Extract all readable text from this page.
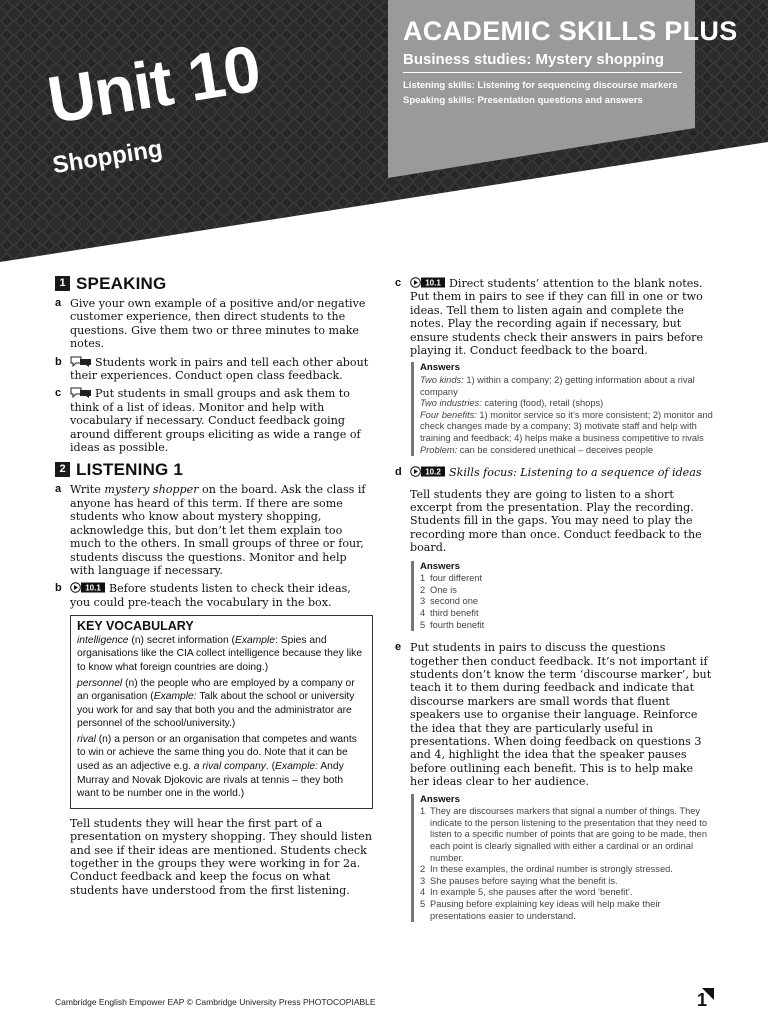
Unit 10
Shopping
ACADEMIC SKILLS PLUS
Business studies: Mystery shopping

Listening skills: Listening for sequencing discourse markers

Speaking skills: Presentation questions and answers

1 SPEAKING
a Give your own example of a positive and/or negative customer experience, then direct students to the questions. Give them two or three minutes to make notes.
b	Students work in pairs and tell each other about their experiences. Conduct open class feedback.
c	Put students in small groups and ask them to think of a list of ideas. Monitor and help with vocabulary if necessary. Conduct feedback going around different groups eliciting as wide a range of ideas as possible.
2 LISTENING 1
a Write mystery shopper on the board. Ask the class if anyone has heard of this term. If there are some students who know about mystery shopping, acknowledge this, but don’t let them explain too much to the others. In small groups of three or four, students discuss the questions. Monitor and help with language if necessary.
b	10.1 Before students listen to check their ideas, you could pre-teach the vocabulary in the box.
KEY VOCABULARY

intelligence (n) secret information (Example: Spies and organisations like the CIA collect intelligence because they like to know what foreign countries are doing.)

personnel (n) the people who are employed by a company or an organisation (Example: Talk about the school or university you work for and say that both you and the administrator are personnel of the school/university.)

rival (n) a person or an organisation that competes and wants to win or achieve the same thing you do. Note that it can be used as an adjective e.g. a rival company. (Example: Andy Murray and Novak Djokovic are rivals at tennis – they both want to be number one in the world.)

Tell students they will hear the first part of a presentation on mystery shopping. They should listen and see if their ideas are mentioned. Students check together in the groups they were working in for 2a. Conduct feedback and keep the focus on what students have understood from the first listening.

c	10.1 Direct students’ attention to the blank notes. Put them in pairs to see if they can fill in one or two ideas. Tell them to listen again and complete the notes. Play the recording again if necessary, but ensure students check their answers in pairs before playing it. Conduct feedback to the board.
Answers
Two kinds: 1) within a company; 2) getting information about a rival company
Two industries: catering (food), retail (shops)
Four benefits: 1) monitor service so it’s more consistent; 2) monitor and check changes made by a company; 3) motivate staff and help with training and feedback; 4) helps make a business competitive to rivals
Problem: can be considered unethical – deceives people
d	10.2 Skills focus: Listening to a sequence of ideas

Tell students they are going to listen to a short excerpt from the presentation. Play the recording. Students fill in the gaps. You may need to play the recording more than once. Conduct feedback to the board.

Answers
1 four different
2 One is
3 second one
4 third benefit
5 fourth benefit
e Put students in pairs to discuss the questions together then conduct feedback. It’s not important if students don’t know the term ‘discourse marker’, but teach it to them during feedback and indicate that discourse markers are small words that fluent speakers use to organise their language. Reinforce the idea that they are particularly useful in presentations. When doing feedback on questions 3 and 4, highlight the idea that the speaker pauses before outlining each benefit. This is to help make her ideas clear to her audience.
Answers
1 They are discourses markers that signal a number of things. They indicate to the person listening to the presentation that they need to listen to a specific number of points that are going to be made, then each point is clearly signalled with either a cardinal or an ordinal number.
2 In these examples, the ordinal number is strongly stressed.
3 She pauses before saying what the benefit is.
4 In example 5, she pauses after the word ‘benefit’.
5 Pausing before explaining key ideas will help make their presentations easier to understand.
Cambridge English Empower EAP © Cambridge University Press PHOTOCOPIABLE	1
